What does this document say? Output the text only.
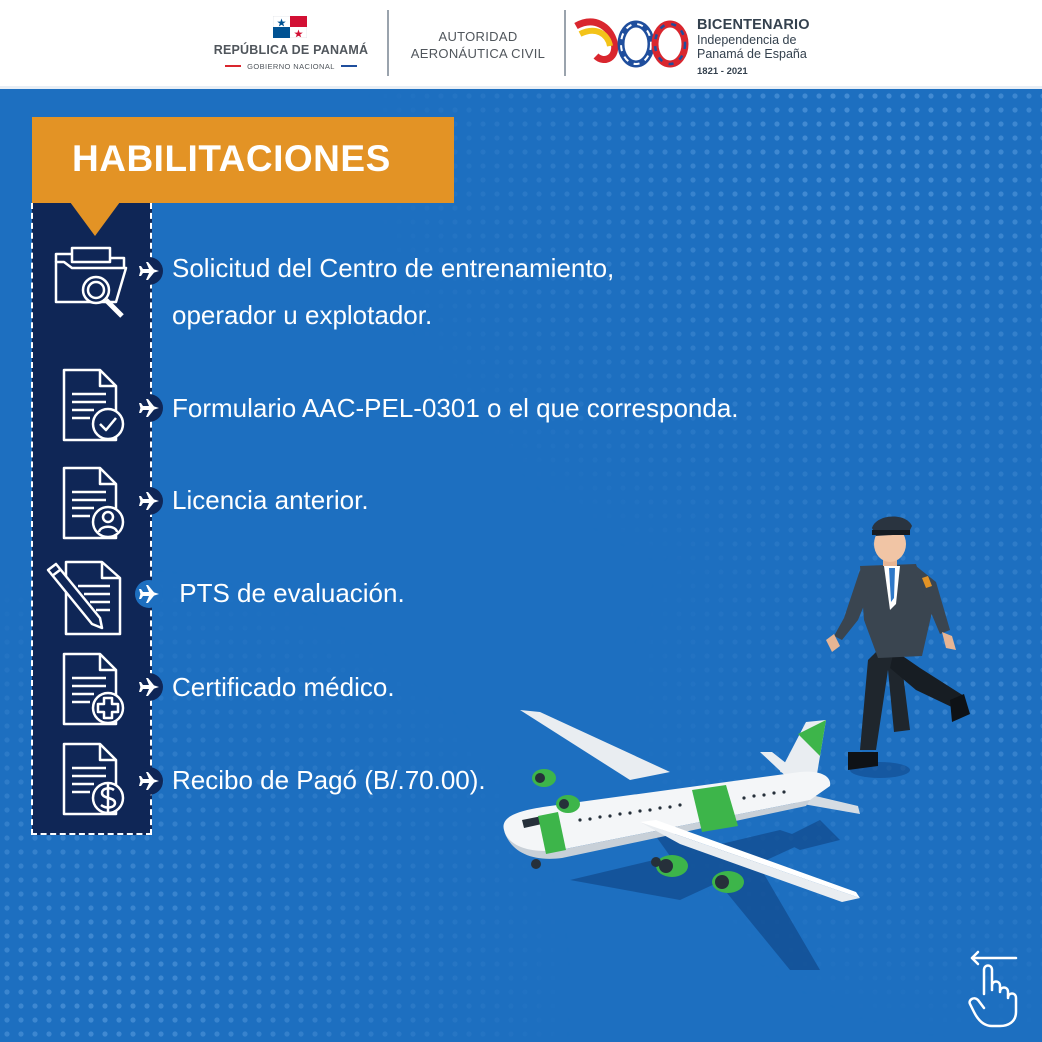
REPÚBLICA DE PANAMÁ
GOBIERNO NACIONAL
AUTORIDAD
AERONÁUTICA CIVIL
BICENTENARIO
Independencia de
Panamá de España
1821 - 2021
HABILITACIONES
Solicitud del Centro de entrenamiento,
operador u explotador.
Formulario AAC-PEL-0301 o el que corresponda.
Licencia anterior.
PTS de evaluación.
Certificado médico.
Recibo de Pagó (B/.70.00).
